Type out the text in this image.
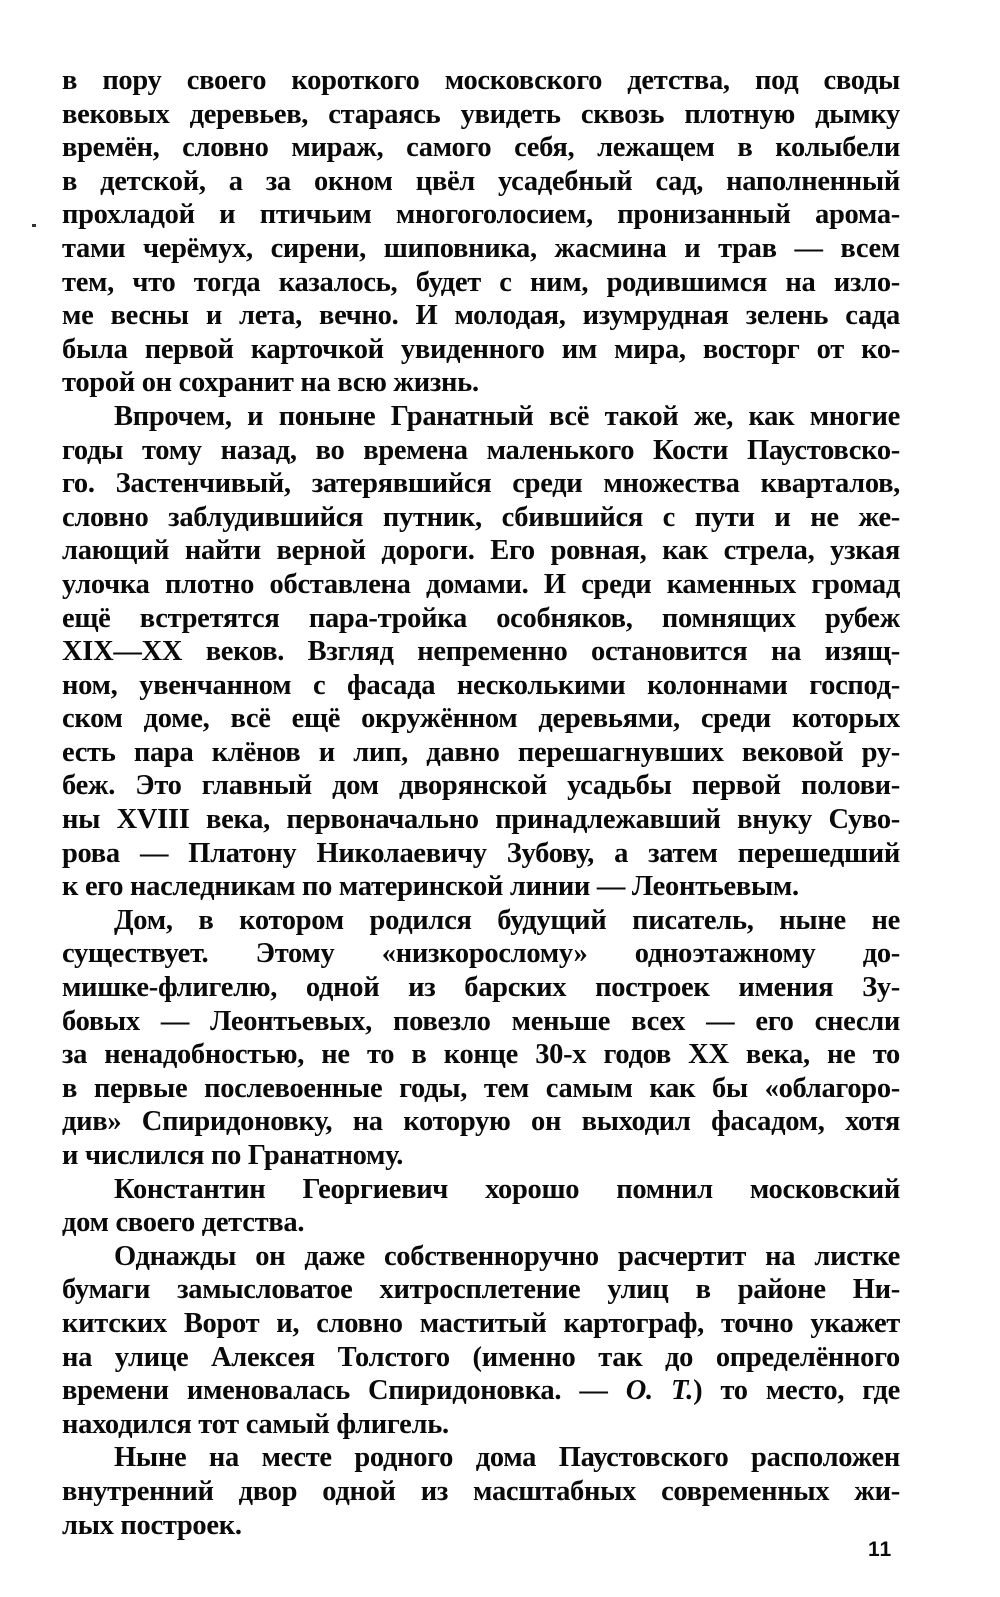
в пору своего короткого московского детства, под своды
вековых деревьев, стараясь увидеть сквозь плотную дымку
времён, словно мираж, самого себя, лежащем в колыбели
в детской, а за окном цвёл усадебный сад, наполненный
прохладой и птичьим многоголосием, пронизанный арома-
тами черёмух, сирени, шиповника, жасмина и трав — всем
тем, что тогда казалось, будет с ним, родившимся на изло-
ме весны и лета, вечно. И молодая, изумрудная зелень сада
была первой карточкой увиденного им мира, восторг от ко-
торой он сохранит на всю жизнь.

Впрочем, и поныне Гранатный всё такой же, как многие
годы тому назад, во времена маленького Кости Паустовско-
го. Застенчивый, затерявшийся среди множества кварталов,
словно заблудившийся путник, сбившийся с пути и не же-
лающий найти верной дороги. Его ровная, как стрела, узкая
улочка плотно обставлена домами. И среди каменных громад
ещё встретятся пара-тройка особняков, помнящих рубеж
XIX—XX веков. Взгляд непременно остановится на изящ-
ном, увенчанном с фасада несколькими колоннами господ-
ском доме, всё ещё окружённом деревьями, среди которых
есть пара клёнов и лип, давно перешагнувших вековой ру-
беж. Это главный дом дворянской усадьбы первой полови-
ны XVIII века, первоначально принадлежавший внуку Суво-
рова — Платону Николаевичу Зубову, а затем перешедший
к его наследникам по материнской линии — Леонтьевым.

Дом, в котором родился будущий писатель, ныне не
существует. Этому «низкорослому» одноэтажному до-
мишке-флигелю, одной из барских построек имения Зу-
бовых — Леонтьевых, повезло меньше всех — его снесли
за ненадобностью, не то в конце 30-х годов XX века, не то
в первые послевоенные годы, тем самым как бы «облагоро-
див» Спиридоновку, на которую он выходил фасадом, хотя
и числился по Гранатному.

Константин Георгиевич хорошо помнил московский
дом своего детства.

Однажды он даже собственноручно расчертит на листке
бумаги замысловатое хитросплетение улиц в районе Ни-
китских Ворот и, словно маститый картограф, точно укажет
на улице Алексея Толстого (именно так до определённого
времени именовалась Спиридоновка. — О. Т.) то место, где
находился тот самый флигель.

Ныне на месте родного дома Паустовского расположен
внутренний двор одной из масштабных современных жи-
лых построек.

11
